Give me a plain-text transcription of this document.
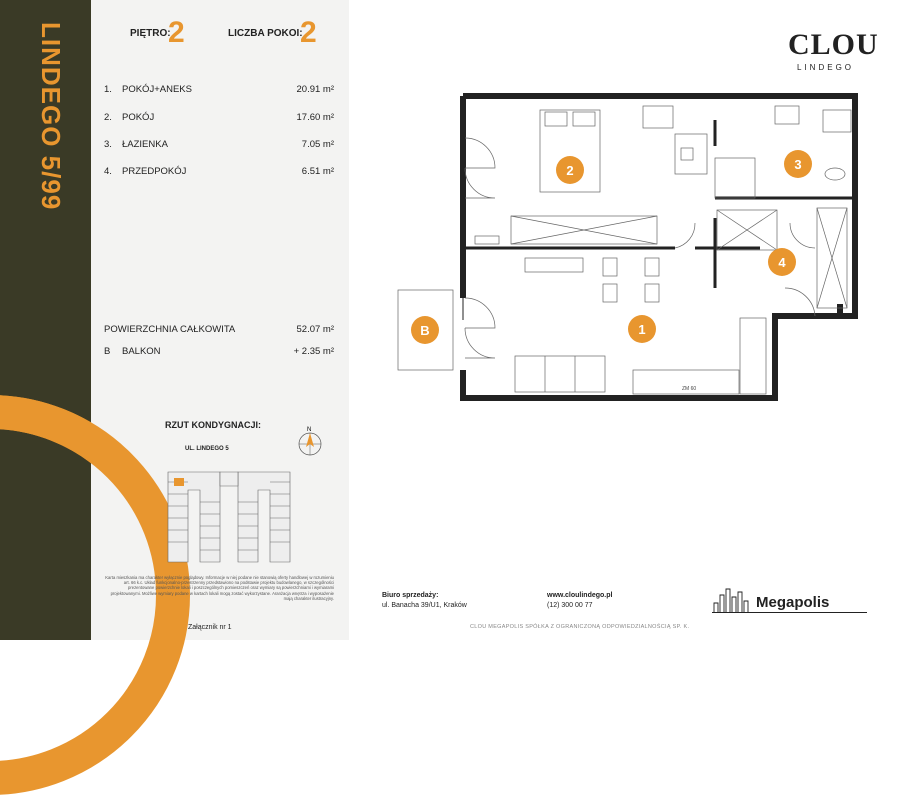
LINDEGO 5/99	PIĘTRO:
2	LICZBA POKOI:
2
1.	POKÓJ+ANEKS	20.91 m²
2.	POKÓJ	17.60 m²
3.	ŁAZIENKA	7.05 m²
4.	PRZEDPOKÓJ	6.51 m²
POWIERZCHNIA CAŁKOWITA	52.07 m²
B	BALKON	+ 2.35 m²
RZUT KONDYGNACJI:
UL. LINDEGO 5
N
Karta mieszkania ma charakter wyłącznie poglądowy. Informacje w niej podane nie stanowią oferty handlowej w rozumieniu art. 66 k.c. Układ funkcjonalno-przestrzenny przedstawiono na podstawie projektu budowlanego, w szczególności prezentowane powierzchnie lokali i poszczególnych pomieszczeń oraz wymiary są powierzchniami i wymiarami projektowanymi. Możliwe wymiary podane w kartach lokali mogą zostać wykorzystane. Aranżacja wnętrza i wyposażenie mają charakter ilustracyjny.
Załącznik nr 1
CLOU
LINDEGO
ZM 60
1
2	3
4
B
Biuro sprzedaży:
ul. Banacha 39/U1, Kraków
www.cloulindego.pl
(12) 300 00 77	Megapolis
CLOU MEGAPOLIS SPÓŁKA Z OGRANICZONĄ ODPOWIEDZIALNOŚCIĄ SP. K.
